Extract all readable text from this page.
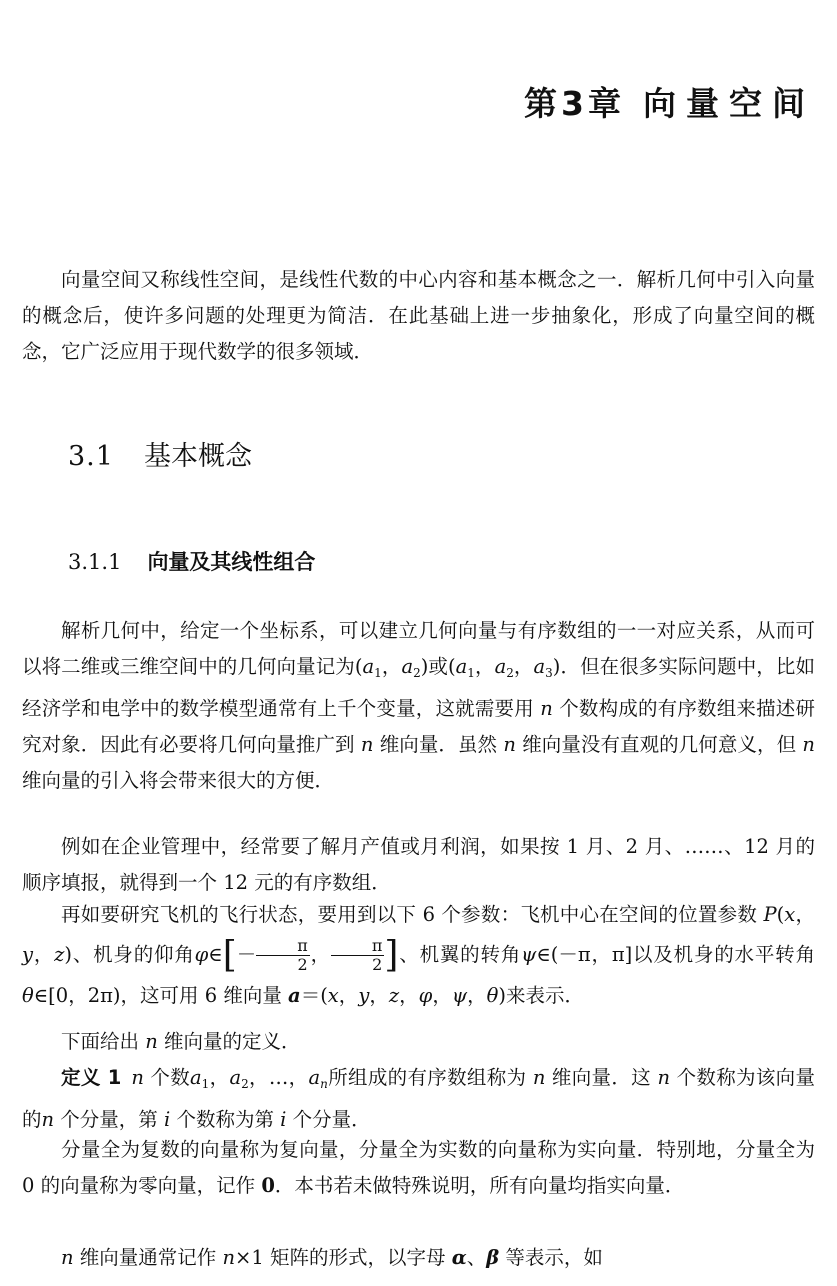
第3章 向量空间

向量空间又称线性空间，是线性代数的中心内容和基本概念之一．解析几何中引入向量的概念后，使许多问题的处理更为简洁．在此基础上进一步抽象化，形成了向量空间的概念，它广泛应用于现代数学的很多领域．

3.1 基本概念
3.1.1 向量及其线性组合

解析几何中，给定一个坐标系，可以建立几何向量与有序数组的一一对应关系，从而可以将二维或三维空间中的几何向量记为($a_1$，$a_2$)或($a_1$，$a_2$，$a_3$)．但在很多实际问题中，比如经济学和电学中的数学模型通常有上千个变量，这就需要用 n 个数构成的有序数组来描述研究对象．因此有必要将几何向量推广到 n 维向量．虽然 n 维向量没有直观的几何意义，但 n 维向量的引入将会带来很大的方便．

例如在企业管理中，经常要了解月产值或月利润，如果按 1 月、2 月、……、12 月的顺序填报，就得到一个 12 元的有序数组．

再如要研究飞机的飞行状态，要用到以下 6 个参数：飞机中心在空间的位置参数 P(x，y，z)、机身的仰角φ∈[－ $\frac{\pi}{2}$ ， $\frac{\pi}{2}$ ]、机翼的转角ψ∈(－π，π]以及机身的水平转角θ∈[0，2π)，这可用 6 维向量 a＝(x，y，z，φ，ψ，θ)来表示．

下面给出 n 维向量的定义．

定义 1 n 个数$a_1$，$a_2$，…，$a_n$所组成的有序数组称为 n 维向量．这 n 个数称为该向量的n 个分量，第 i 个数称为第 i 个分量．

分量全为复数的向量称为复向量，分量全为实数的向量称为实向量．特别地，分量全为 0 的向量称为零向量，记作 0．本书若未做特殊说明，所有向量均指实向量．

n 维向量通常记作 n×1 矩阵的形式，以字母 α、β 等表示，如
